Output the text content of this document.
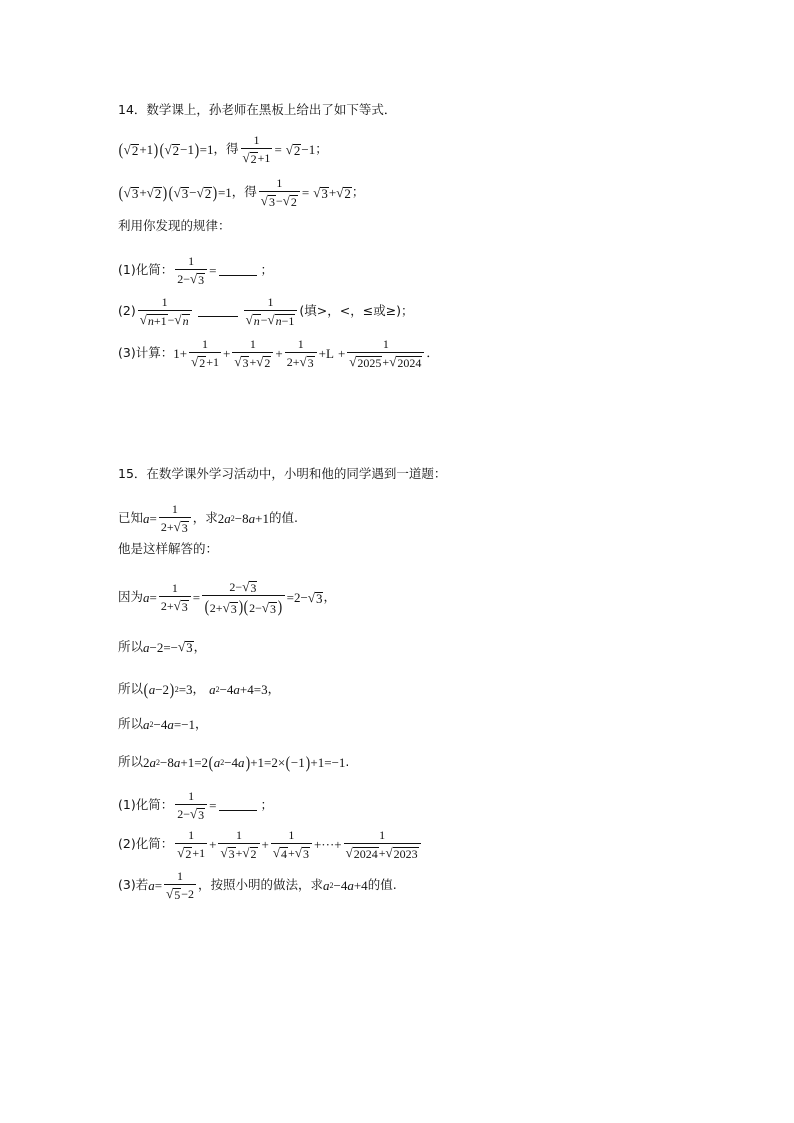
14．数学课上，孙老师在黑板上给出了如下等式．
( √ 2 +1 ) ( √ 2 −1 ) =1 ，得 $\frac{1}{√ 2 +1}$ = √ 2 −1 ；
( √ 3 + √ 2 ) ( √ 3 − √ 2 ) =1 ，得 $\frac{1}{√ 3 - √ 2}$ = √ 3 + √ 2 ；
利用你发现的规律：
(1)化简： $\frac{1}{2- √ 3}$ =	；
$(2) \frac{1}{√ n+1 - √ n}$	$\frac{1}{√ n - √ n-1}$ (填>，<，≤或≥)；
(3)计算： $1+ \frac{1}{√ 2 +1} + \frac{1}{√ 3 + √ 2} + \frac{1}{2+ √ 3} +L + \frac{1}{√ 2025 + √ 2024}$ ．
15．在数学课外学习活动中，小明和他的同学遇到一道题：
已知 $a = \frac{1}{2+ √ 3}$ ，求 2 a 2 −8 a +1 的值.
他是这样解答的：
因为 $a = \frac{1}{2+ √ 3} = \frac{2- √ 3}{(2+ √ 3 )(2- √ 3 )} =2-$ √ 3 ，
所以 a −2=− √ 3 ，
所以 ( a −2 ) 2 =3 ， a 2 −4 a +4=3 ，
所以 a 2 −4 a =−1 ，
所以 2 a 2 −8 a +1=2 ( a 2 −4 a ) +1=2× ( −1 ) +1=−1 .
(1)化简： $\frac{1}{2- √ 3}$ =	；
(2)化简： $\frac{1}{√ 2 +1} + \frac{1}{√ 3 + √ 2} + \frac{1}{√ 4 + √ 3}$ +···+ $\frac{1}{√ 2024 + √ 2023}$
(3)若 $a = \frac{1}{√ 5 -2}$ ，按照小明的做法，求 a 2 −4 a +4 的值.
